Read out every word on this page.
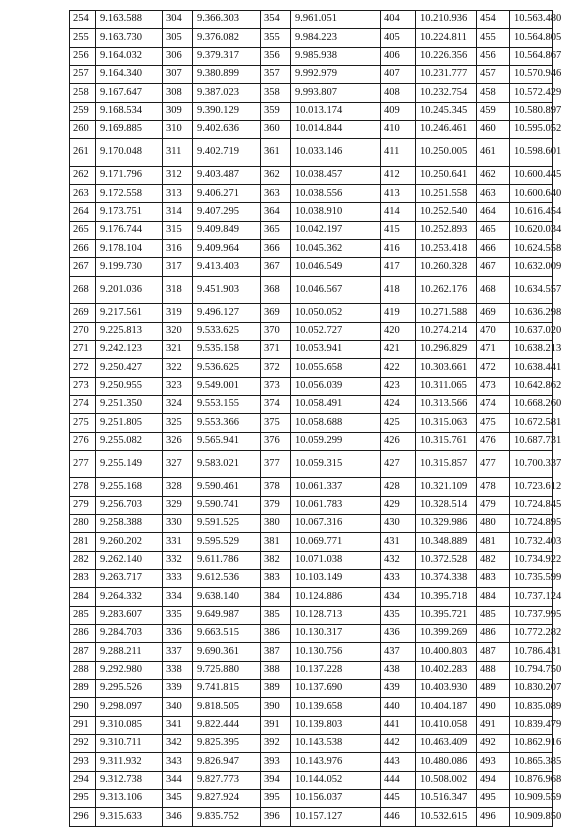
254	9.163.588	304	9.366.303	354	9.961.051	404	10.210.936	454	10.563.480
255	9.163.730	305	9.376.082	355	9.984.223	405	10.224.811	455	10.564.805
256	9.164.032	306	9.379.317	356	9.985.938	406	10.226.356	456	10.564.867
257	9.164.340	307	9.380.899	357	9.992.979	407	10.231.777	457	10.570.946
258	9.167.647	308	9.387.023	358	9.993.807	408	10.232.754	458	10.572.429
259	9.168.534	309	9.390.129	359	10.013.174	409	10.245.345	459	10.580.897
260	9.169.885	310	9.402.636	360	10.014.844	410	10.246.461	460	10.595.052
261	9.170.048	311	9.402.719	361	10.033.146	411	10.250.005	461	10.598.601
262	9.171.796	312	9.403.487	362	10.038.457	412	10.250.641	462	10.600.445
263	9.172.558	313	9.406.271	363	10.038.556	413	10.251.558	463	10.600.640
264	9.173.751	314	9.407.295	364	10.038.910	414	10.252.540	464	10.616.454
265	9.176.744	315	9.409.849	365	10.042.197	415	10.252.893	465	10.620.034
266	9.178.104	316	9.409.964	366	10.045.362	416	10.253.418	466	10.624.558
267	9.199.730	317	9.413.403	367	10.046.549	417	10.260.328	467	10.632.009
268	9.201.036	318	9.451.903	368	10.046.567	418	10.262.176	468	10.634.557
269	9.217.561	319	9.496.127	369	10.050.052	419	10.271.588	469	10.636.298
270	9.225.813	320	9.533.625	370	10.052.727	420	10.274.214	470	10.637.020
271	9.242.123	321	9.535.158	371	10.053.941	421	10.296.829	471	10.638.213
272	9.250.427	322	9.536.625	372	10.055.658	422	10.303.661	472	10.638.441
273	9.250.955	323	9.549.001	373	10.056.039	423	10.311.065	473	10.642.862
274	9.251.350	324	9.553.155	374	10.058.491	424	10.313.566	474	10.668.260
275	9.251.805	325	9.553.366	375	10.058.688	425	10.315.063	475	10.672.581
276	9.255.082	326	9.565.941	376	10.059.299	426	10.315.761	476	10.687.731
277	9.255.149	327	9.583.021	377	10.059.315	427	10.315.857	477	10.700.337
278	9.255.168	328	9.590.461	378	10.061.337	428	10.321.109	478	10.723.612
279	9.256.703	329	9.590.741	379	10.061.783	429	10.328.514	479	10.724.845
280	9.258.388	330	9.591.525	380	10.067.316	430	10.329.986	480	10.724.895
281	9.260.202	331	9.595.529	381	10.069.771	431	10.348.889	481	10.732.403
282	9.262.140	332	9.611.786	382	10.071.038	432	10.372.528	482	10.734.922
283	9.263.717	333	9.612.536	383	10.103.149	433	10.374.338	483	10.735.599
284	9.264.332	334	9.638.140	384	10.124.886	434	10.395.718	484	10.737.124
285	9.283.607	335	9.649.987	385	10.128.713	435	10.395.721	485	10.737.995
286	9.284.703	336	9.663.515	386	10.130.317	436	10.399.269	486	10.772.282
287	9.288.211	337	9.690.361	387	10.130.756	437	10.400.803	487	10.786.431
288	9.292.980	338	9.725.880	388	10.137.228	438	10.402.283	488	10.794.750
289	9.295.526	339	9.741.815	389	10.137.690	439	10.403.930	489	10.830.207
290	9.298.097	340	9.818.505	390	10.139.658	440	10.404.187	490	10.835.089
291	9.310.085	341	9.822.444	391	10.139.803	441	10.410.058	491	10.839.479
292	9.310.711	342	9.825.395	392	10.143.538	442	10.463.409	492	10.862.916
293	9.311.932	343	9.826.947	393	10.143.976	443	10.480.086	493	10.865.385
294	9.312.738	344	9.827.773	394	10.144.052	444	10.508.002	494	10.876.968
295	9.313.106	345	9.827.924	395	10.156.037	445	10.516.347	495	10.909.559
296	9.315.633	346	9.835.752	396	10.157.127	446	10.532.615	496	10.909.850
